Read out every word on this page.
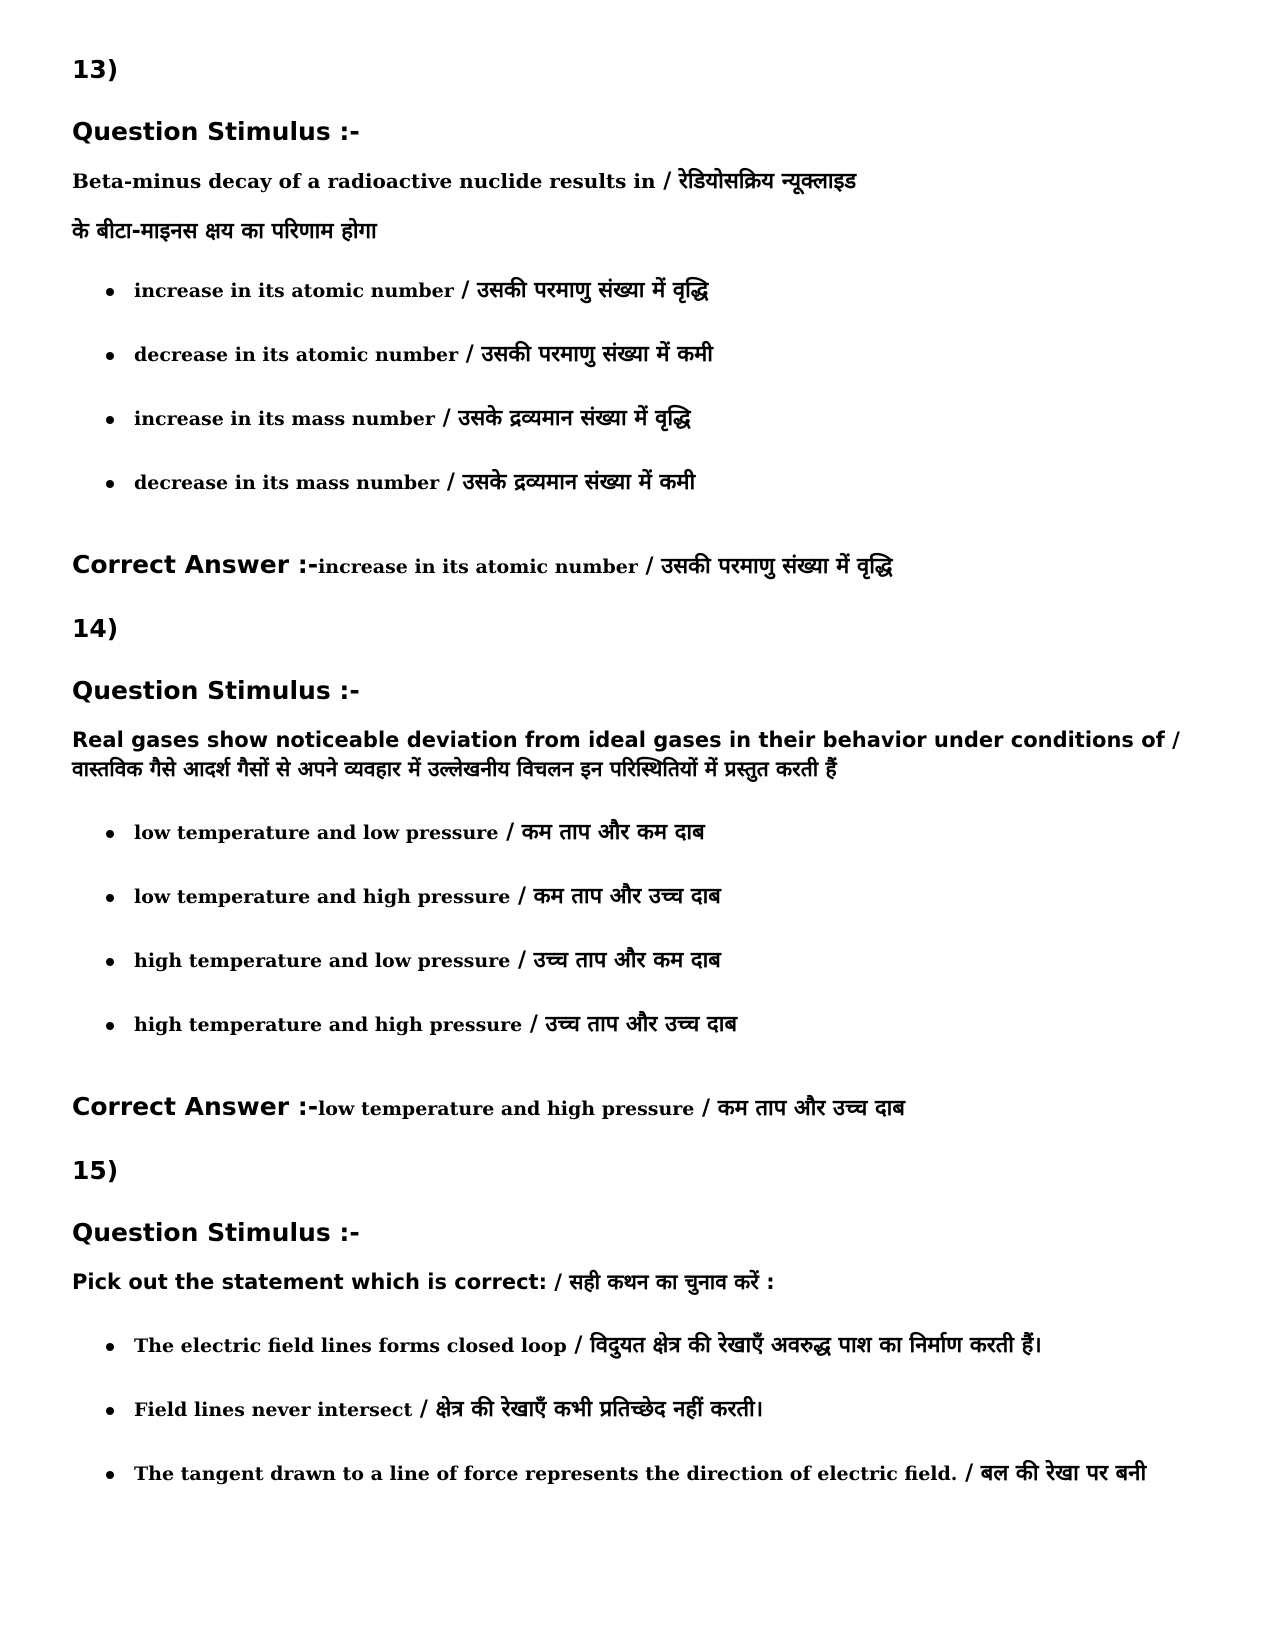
13)
Question Stimulus :-
Beta-minus decay of a radioactive nuclide results in / रेडियोसक्रिय न्यूक्लाइड
के बीटा-माइनस क्षय का परिणाम होगा
increase in its atomic number / उसकी परमाणु संख्या में वृद्धि
decrease in its atomic number / उसकी परमाणु संख्या में कमी
increase in its mass number / उसके द्रव्यमान संख्या में वृद्धि
decrease in its mass number / उसके द्रव्यमान संख्या में कमी
Correct Answer :-increase in its atomic number / उसकी परमाणु संख्या में वृद्धि
14)
Question Stimulus :-
Real gases show noticeable deviation from ideal gases in their behavior under conditions of / वास्तविक गैसे आदर्श गैसों से अपने व्यवहार में उल्लेखनीय विचलन इन परिस्थितियों में प्रस्तुत करती हैं
low temperature and low pressure / कम ताप और कम दाब
low temperature and high pressure / कम ताप और उच्च दाब
high temperature and low pressure / उच्च ताप और कम दाब
high temperature and high pressure / उच्च ताप और उच्च दाब
Correct Answer :-low temperature and high pressure / कम ताप और उच्च दाब
15)
Question Stimulus :-
Pick out the statement which is correct: / सही कथन का चुनाव करें :
The electric field lines forms closed loop / विदुयत क्षेत्र की रेखाएँ अवरुद्ध पाश का निर्माण करती हैं।
Field lines never intersect / क्षेत्र की रेखाएँ कभी प्रतिच्छेद नहीं करती।
The tangent drawn to a line of force represents the direction of electric field. / बल की रेखा पर बनी
